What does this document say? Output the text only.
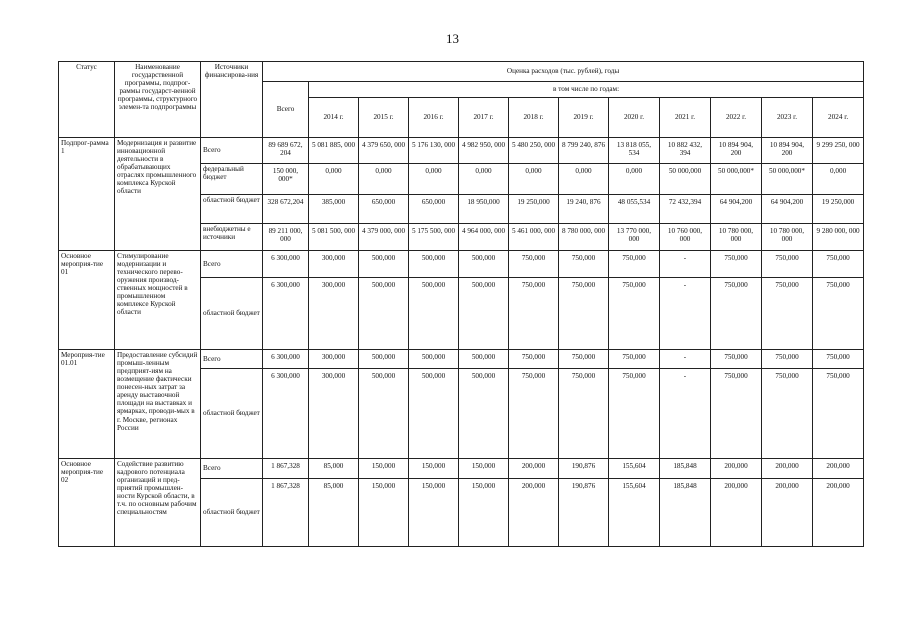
13
Статус	Наименование государственной программы, подпрог-раммы государст-венной программы, структурного элемен-та подпрограммы	Источники финансирова-ния	Оценка расходов (тыс. рублей), годы											
			Всего	в том числе по годам:										
				2014 г.	2015 г.	2016 г.	2017 г.	2018 г.	2019 г.	2020 г.	2021 г.	2022 г.	2023 г.	2024 г.
Подпрог-рамма 1	Модернизация и развитие инновационной деятельности в обрабатывающих отраслях промышленного комплекса Курской области	Всего	89 689 672, 204	5 081 885, 000	4 379 650, 000	5 176 130, 000	4 982 950, 000	5 480 250, 000	8 799 240, 876	13 818 055, 534	10 882 432, 394	10 894 904, 200	10 894 904, 200	9 299 250, 000
		федеральный бюджет	150 000, 000*	0,000	0,000	0,000	0,000	0,000	0,000	0,000	50 000,000	50 000,000*	50 000,000*	0,000
		областной бюджет	328 672,204	385,000	650,000	650,000	18 950,000	19 250,000	19 240, 876	48 055,534	72 432,394	64 904,200	64 904,200	19 250,000
		внебюджетны е источники	89 211 000, 000	5 081 500, 000	4 379 000, 000	5 175 500, 000	4 964 000, 000	5 461 000, 000	8 780 000, 000	13 770 000, 000	10 760 000, 000	10 780 000, 000	10 780 000, 000	9 280 000, 000
Основное мероприя-тие 01	Стимулирование модернизации и технического перево-оружения производ-ственных мощностей в промышленном комплексе Курской области	Всего	6 300,000	300,000	500,000	500,000	500,000	750,000	750,000	750,000	-	750,000	750,000	750,000
		областной бюджет	6 300,000	300,000	500,000	500,000	500,000	750,000	750,000	750,000	-	750,000	750,000	750,000
Мероприя-тие 01.01	Предоставление субсидий промыш-ленным предприят-иям на возмещение фактически понесен-ных затрат за аренду выставочной площади на выставках и ярмарках, проводи-мых в г. Москве, регионах России	Всего	6 300,000	300,000	500,000	500,000	500,000	750,000	750,000	750,000	-	750,000	750,000	750,000
		областной бюджет	6 300,000	300,000	500,000	500,000	500,000	750,000	750,000	750,000	-	750,000	750,000	750,000
Основное мероприя-тие 02	Содействие развитию кадрового потенциала организаций и пред-приятий промышлен-ности Курской области, в т.ч. по основным рабочим специальностям	Всего	1 867,328	85,000	150,000	150,000	150,000	200,000	190,876	155,604	185,848	200,000	200,000	200,000
		областной бюджет	1 867,328	85,000	150,000	150,000	150,000	200,000	190,876	155,604	185,848	200,000	200,000	200,000
